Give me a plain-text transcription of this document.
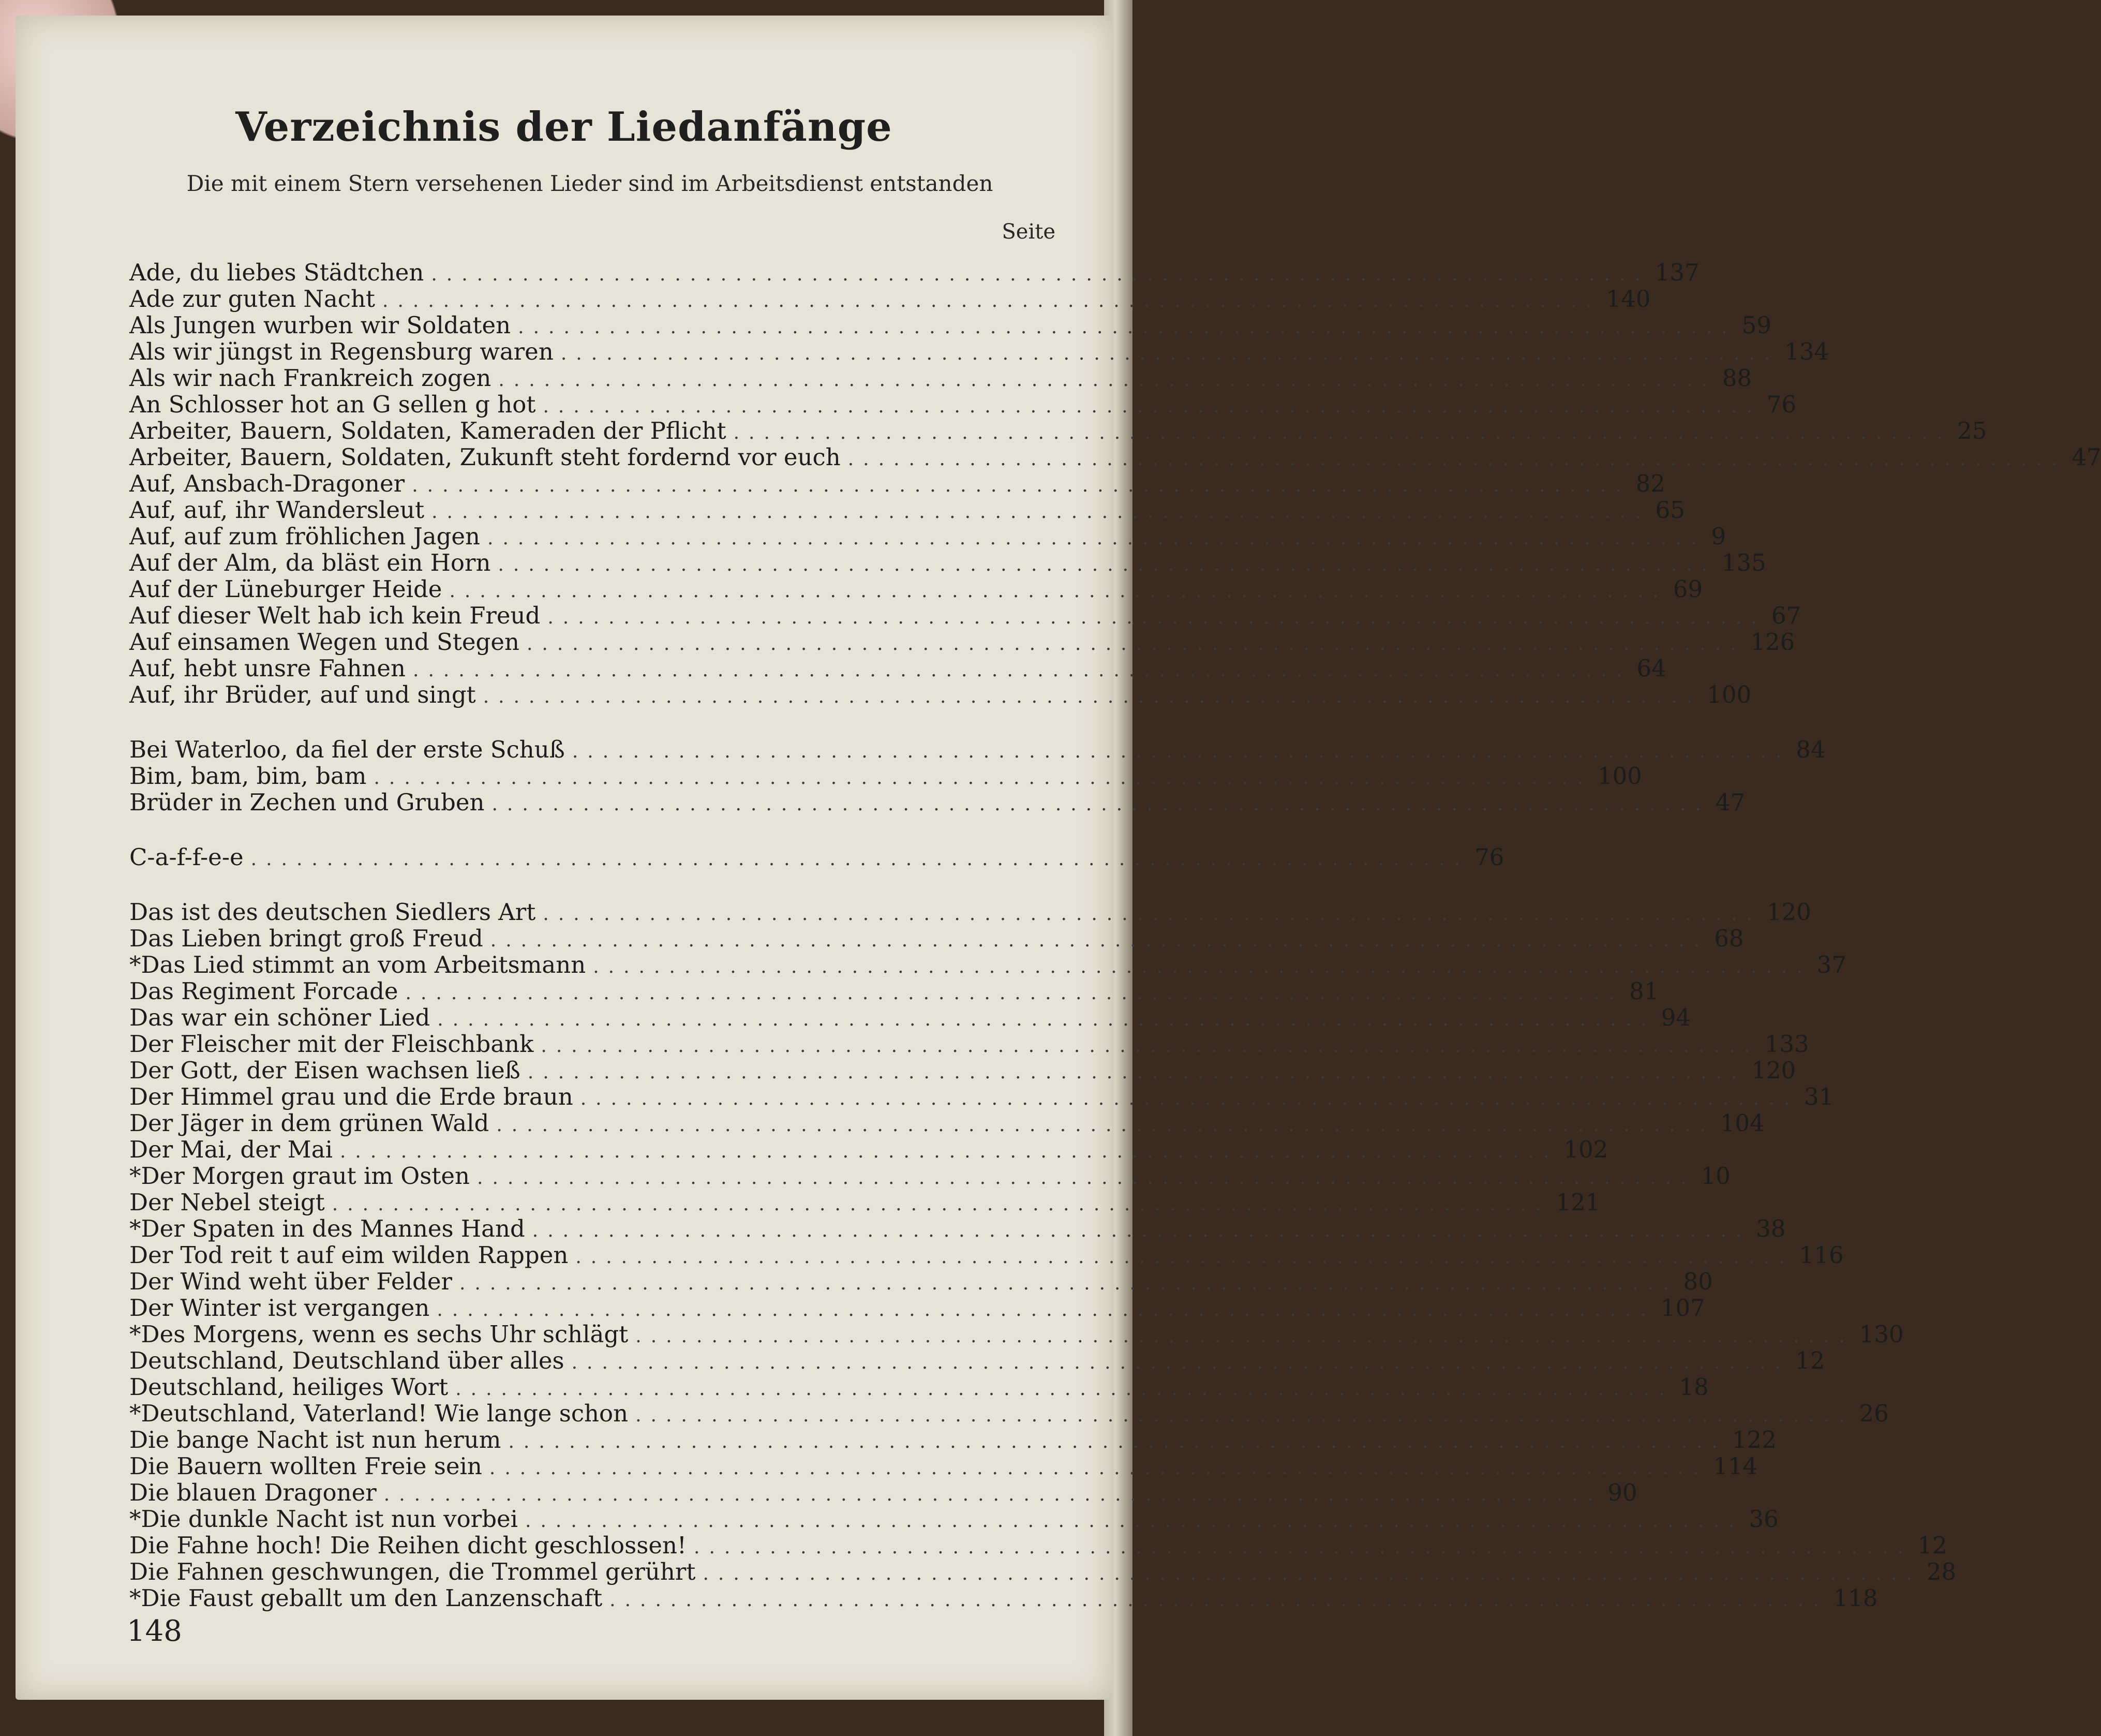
Verzeichnis der Liedanfänge
Die mit einem Stern versehenen Lieder sind im Arbeitsdienst entstanden
Seite
Ade, du liebes Städtchen ................................................................................ 137
Ade zur guten Nacht ................................................................................ 140
Als Jungen wurben wir Soldaten ................................................................................ 59
Als wir jüngst in Regensburg waren ................................................................................ 134
Als wir nach Frankreich zogen ................................................................................ 88
An Schlosser hot an G sellen g hot ................................................................................ 76
Arbeiter, Bauern, Soldaten, Kameraden der Pflicht ................................................................................ 25
Arbeiter, Bauern, Soldaten, Zukunft steht fordernd vor euch ................................................................................ 47
Auf, Ansbach-Dragoner ................................................................................ 82
Auf, auf, ihr Wandersleut ................................................................................ 65
Auf, auf zum fröhlichen Jagen ................................................................................ 9
Auf der Alm, da bläst ein Horn ................................................................................ 135
Auf der Lüneburger Heide ................................................................................ 69
Auf dieser Welt hab ich kein Freud ................................................................................ 67
Auf einsamen Wegen und Stegen ................................................................................ 126
Auf, hebt unsre Fahnen ................................................................................ 64
Auf, ihr Brüder, auf und singt ................................................................................ 100
Bei Waterloo, da fiel der erste Schuß ................................................................................ 84
Bim, bam, bim, bam ................................................................................ 100
Brüder in Zechen und Gruben ................................................................................ 47
C-a-f-f-e-e ................................................................................ 76
Das ist des deutschen Siedlers Art ................................................................................ 120
Das Lieben bringt groß Freud ................................................................................ 68
*Das Lied stimmt an vom Arbeitsmann ................................................................................ 37
Das Regiment Forcade ................................................................................ 81
Das war ein schöner Lied ................................................................................ 94
Der Fleischer mit der Fleischbank ................................................................................ 133
Der Gott, der Eisen wachsen ließ ................................................................................ 120
Der Himmel grau und die Erde braun ................................................................................ 31
Der Jäger in dem grünen Wald ................................................................................ 104
Der Mai, der Mai ................................................................................ 102
*Der Morgen graut im Osten ................................................................................ 10
Der Nebel steigt ................................................................................ 121
*Der Spaten in des Mannes Hand ................................................................................ 38
Der Tod reit t auf eim wilden Rappen ................................................................................ 116
Der Wind weht über Felder ................................................................................ 80
Der Winter ist vergangen ................................................................................ 107
*Des Morgens, wenn es sechs Uhr schlägt ................................................................................ 130
Deutschland, Deutschland über alles ................................................................................ 12
Deutschland, heiliges Wort ................................................................................ 18
*Deutschland, Vaterland! Wie lange schon ................................................................................ 26
Die bange Nacht ist nun herum ................................................................................ 122
Die Bauern wollten Freie sein ................................................................................ 114
Die blauen Dragoner ................................................................................ 90
*Die dunkle Nacht ist nun vorbei ................................................................................ 36
Die Fahne hoch! Die Reihen dicht geschlossen! ................................................................................ 12
Die Fahnen geschwungen, die Trommel gerührt ................................................................................ 28
*Die Faust geballt um den Lanzenschaft ................................................................................ 118
148
